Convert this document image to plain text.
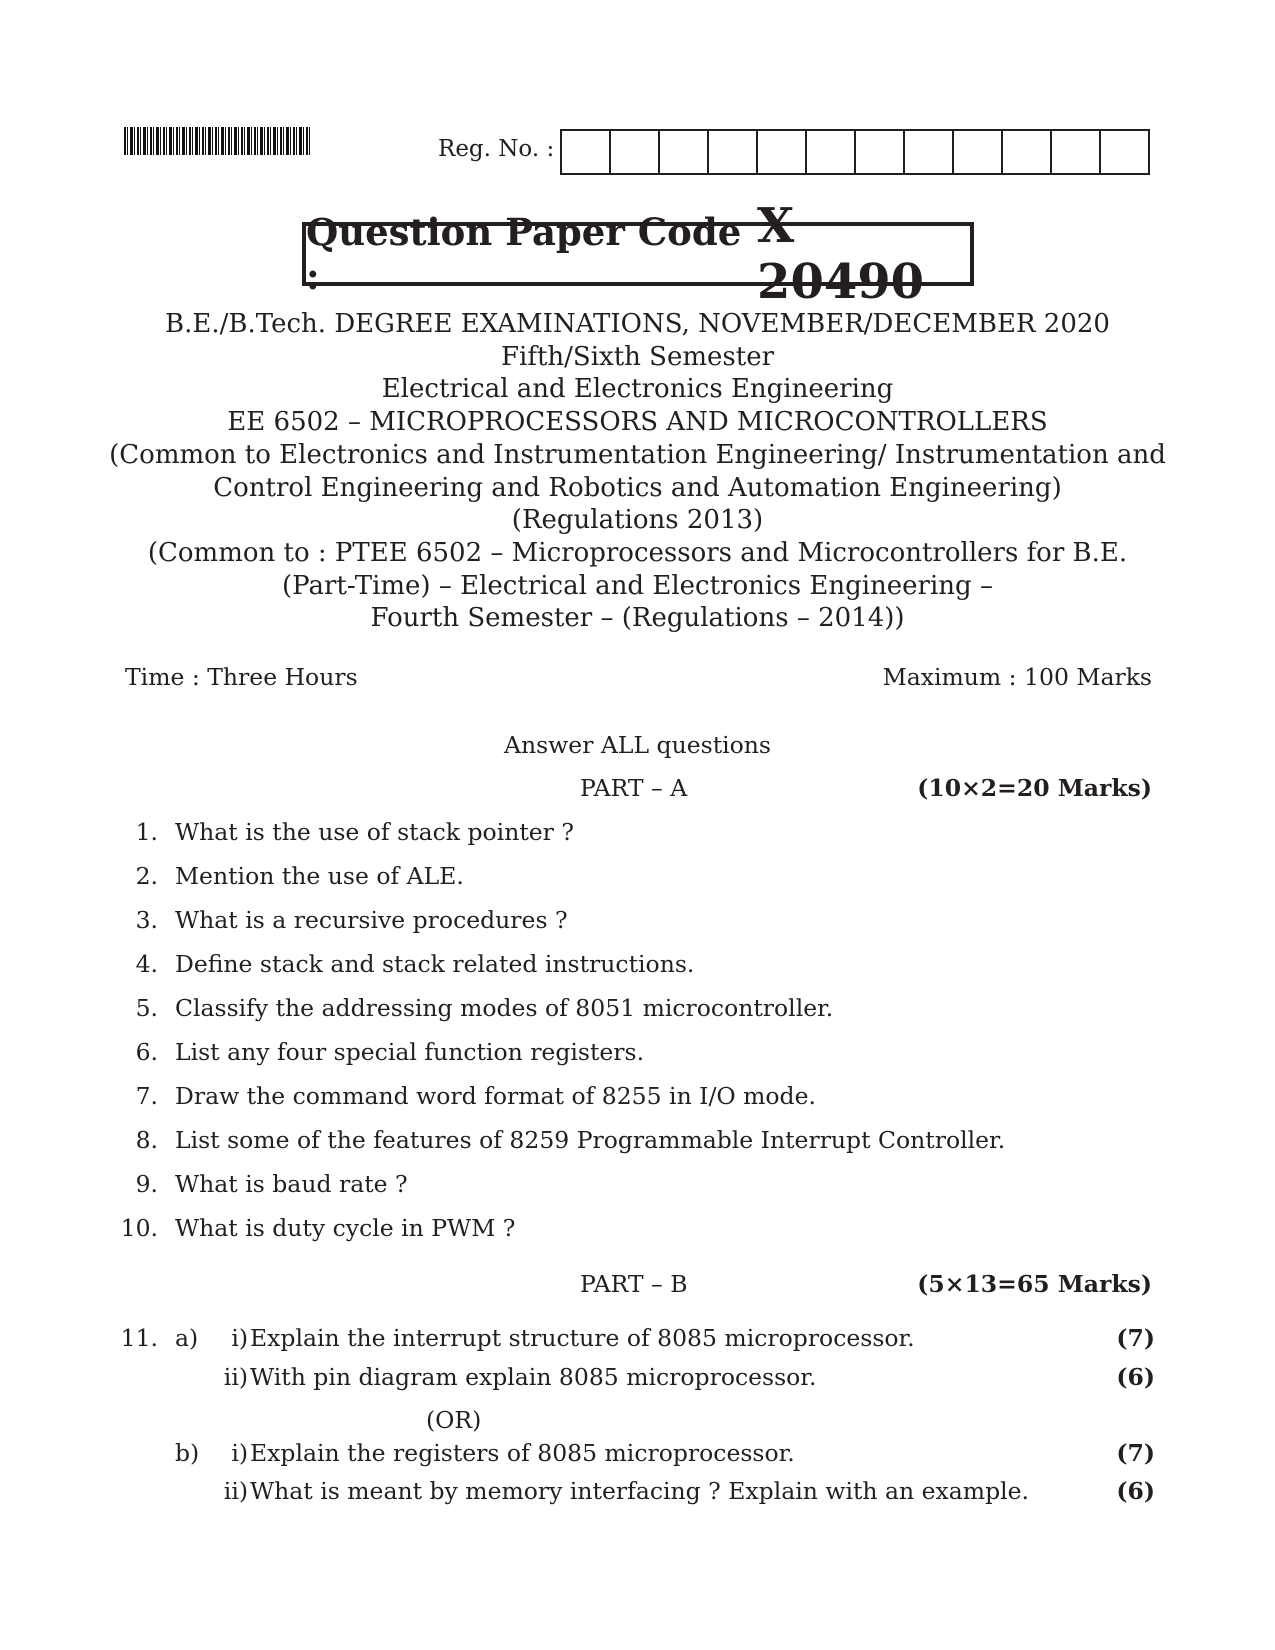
Reg. No. :
Question Paper Code :
X 20490
B.E./B.Tech. DEGREE EXAMINATIONS, NOVEMBER/DECEMBER 2020
Fifth/Sixth Semester
Electrical and Electronics Engineering
EE 6502 – MICROPROCESSORS AND MICROCONTROLLERS
(Common to Electronics and Instrumentation Engineering/ Instrumentation and
Control Engineering and Robotics and Automation Engineering)
(Regulations 2013)
(Common to : PTEE 6502 – Microprocessors and Microcontrollers for B.E.
(Part-Time) – Electrical and Electronics Engineering –
Fourth Semester – (Regulations – 2014))
Time : Three Hours	Maximum : 100 Marks
Answer ALL questions
PART – A	(10×2=20 Marks)
1. What is the use of stack pointer ?
2. Mention the use of ALE.
3. What is a recursive procedures ?
4. Define stack and stack related instructions.
5. Classify the addressing modes of 8051 microcontroller.
6. List any four special function registers.
7. Draw the command word format of 8255 in I/O mode.
8. List some of the features of 8259 Programmable Interrupt Controller.
9. What is baud rate ?
10. What is duty cycle in PWM ?
PART – B	(5×13=65 Marks)
11. a)	i) Explain the interrupt structure of 8085 microprocessor.	(7)
ii) With pin diagram explain 8085 microprocessor.	(6)
(OR)
b)	i) Explain the registers of 8085 microprocessor.	(7)
ii) What is meant by memory interfacing ? Explain with an example.	(6)
